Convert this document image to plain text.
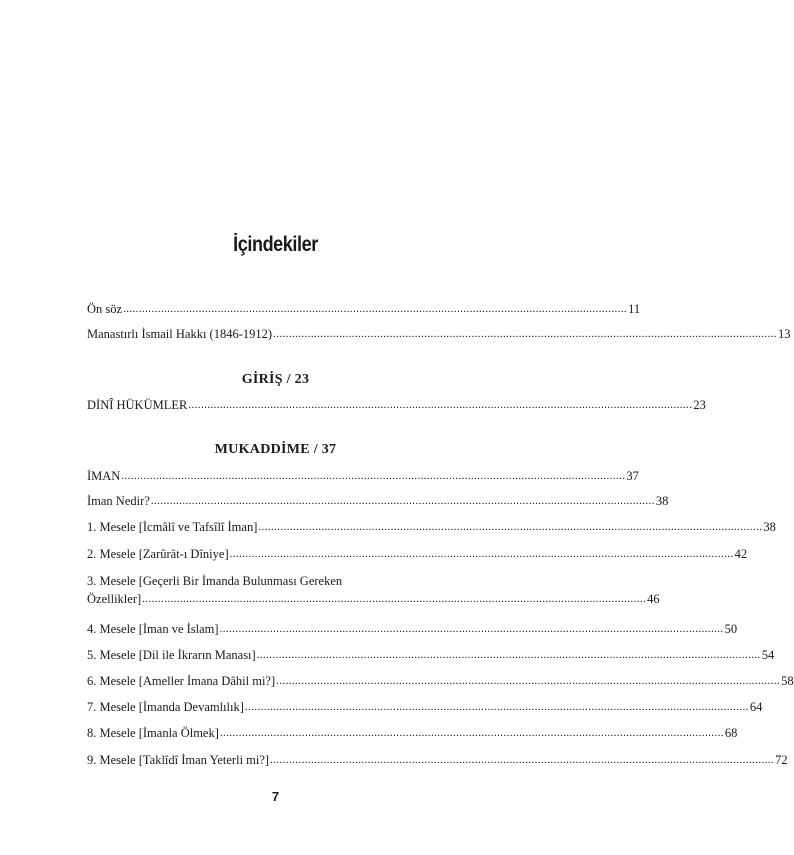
İçindekiler
Ön söz ................................................................................................................................................................ 11
Manastırlı İsmail Hakkı (1846-1912) ................................................................................................................................................................ 13
GİRİŞ / 23
DİNÎ HÜKÜMLER ................................................................................................................................................................ 23
MUKADDİME / 37
İMAN ................................................................................................................................................................ 37
İman Nedir? ................................................................................................................................................................ 38
1. Mesele [İcmâlî ve Tafsîlî İman] ................................................................................................................................................................ 38
2. Mesele [Zarûrât-ı Dîniye] ................................................................................................................................................................ 42
3. Mesele [Geçerli Bir İmanda Bulunması Gereken
Özellikler] ................................................................................................................................................................ 46
4. Mesele [İman ve İslam] ................................................................................................................................................................ 50
5. Mesele [Dil ile İkrarın Manası] ................................................................................................................................................................ 54
6. Mesele [Ameller İmana Dâhil mi?] ................................................................................................................................................................ 58
7. Mesele [İmanda Devamlılık] ................................................................................................................................................................ 64
8. Mesele [İmanla Ölmek] ................................................................................................................................................................ 68
9. Mesele [Taklîdî İman Yeterli mi?] ................................................................................................................................................................ 72
7
